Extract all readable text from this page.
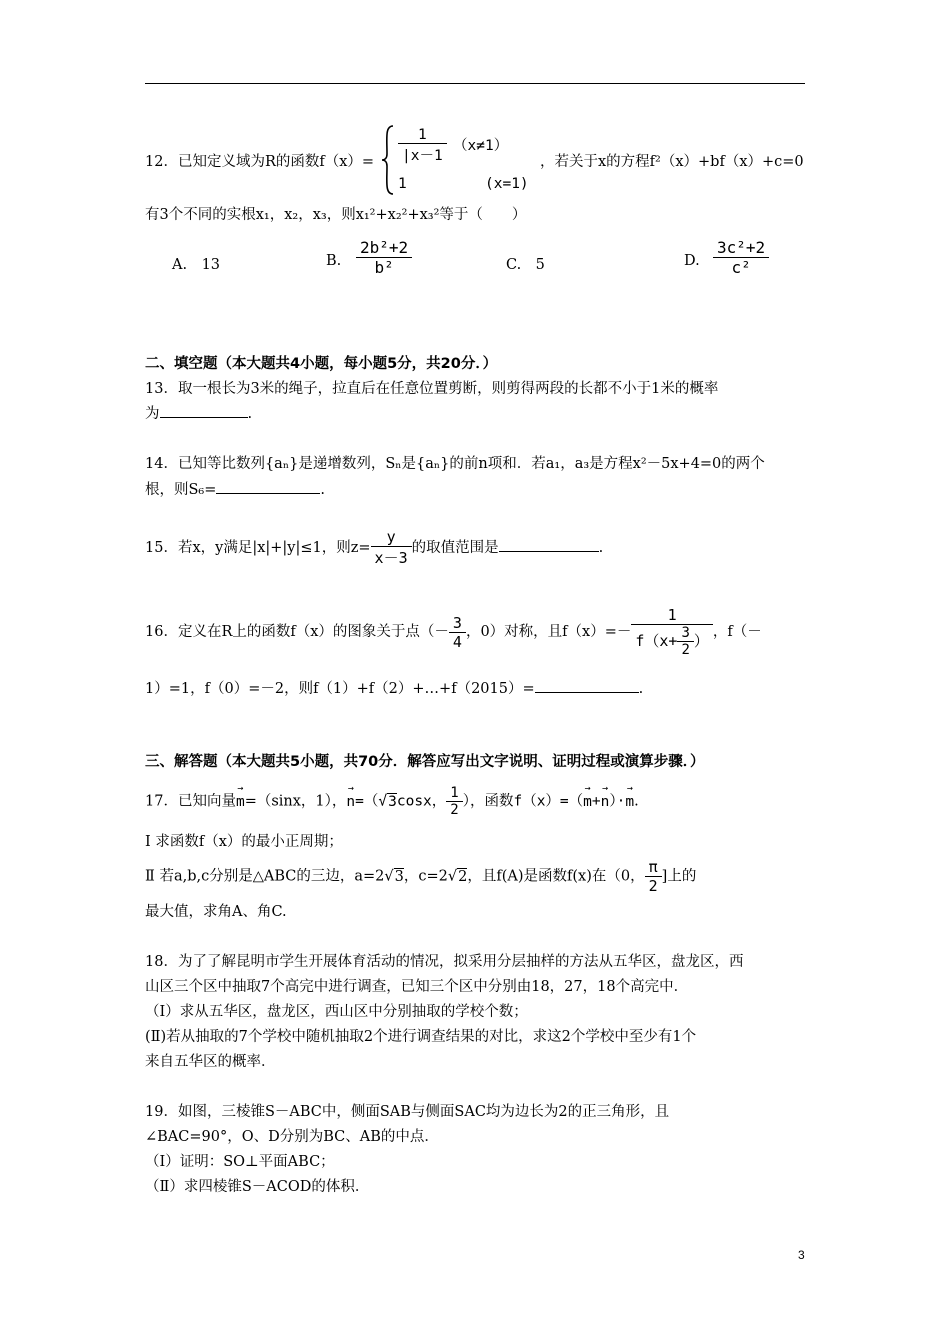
12．已知定义域为R的函数$f(x)= \frac{1}{|x-1} (x\ne 1)$
1	(x=1)
，若关于x的方程f²（x）+bf（x）+c=0
有3个不同的实根x₁，x₂，x₃，则x₁²+x₂²+x₃²等于（　　）
A.　13	B. $\frac{\text{2b²+2}}{\text{b²}}$	C.　5	D. $\frac{\text{3c²+2}}{\text{c²}}$
二、填空题（本大题共4小题，每小题5分，共20分．）
13．取一根长为3米的绳子，拉直后在任意位置剪断，则剪得两段的长都不小于1米的概率
为	.
14．已知等比数列{aₙ}是递增数列，Sₙ是{aₙ}的前n项和．若a₁，a₃是方程x²－5x+4=0的两个
根，则S₆=	.
15．若x，y满足|x|+|y|≤1，则$z= \frac{y}{x-3}$ 的取值范围是	.
16．定义在R上的函数f（x）的图象关于点（－ $\frac{3}{4}$ ，0）对称，且$f(x)=- \frac{1}{f(x+ \frac{3}{2} )}$ ，f（－
1）=1，f（0）=－2，则f（1）+f（2）+…+f（2015）=	.
三、解答题（本大题共5小题，共70分．解答应写出文字说明、证明过程或演算步骤．）
17．已知向量→ m=（sinx，1），→ n=（√3cosx， $\frac{1}{2}$ ），函数f（x）=（→ m+→ n）·→ m.
Ⅰ 求函数f（x）的最小正周期；
Ⅱ 若a,b,c分别是△ABC的三边，a=2√3，c=2√2，且f(A)是函数f(x)在（0， $\frac{\pi}{2}$ ]上的
最大值，求角A、角C.
18．为了了解昆明市学生开展体育活动的情况，拟采用分层抽样的方法从五华区，盘龙区，西
山区三个区中抽取7个高完中进行调查，已知三个区中分别由18，27，18个高完中．
（Ⅰ）求从五华区，盘龙区，西山区中分别抽取的学校个数；
(Ⅱ)若从抽取的7个学校中随机抽取2个进行调查结果的对比，求这2个学校中至少有1个
来自五华区的概率．
19．如图，三棱锥S－ABC中，侧面SAB与侧面SAC均为边长为2的正三角形，且
∠BAC=90°，O、D分别为BC、AB的中点．
（Ⅰ）证明：SO⊥平面ABC；
（Ⅱ）求四棱锥S－ACOD的体积．
3
